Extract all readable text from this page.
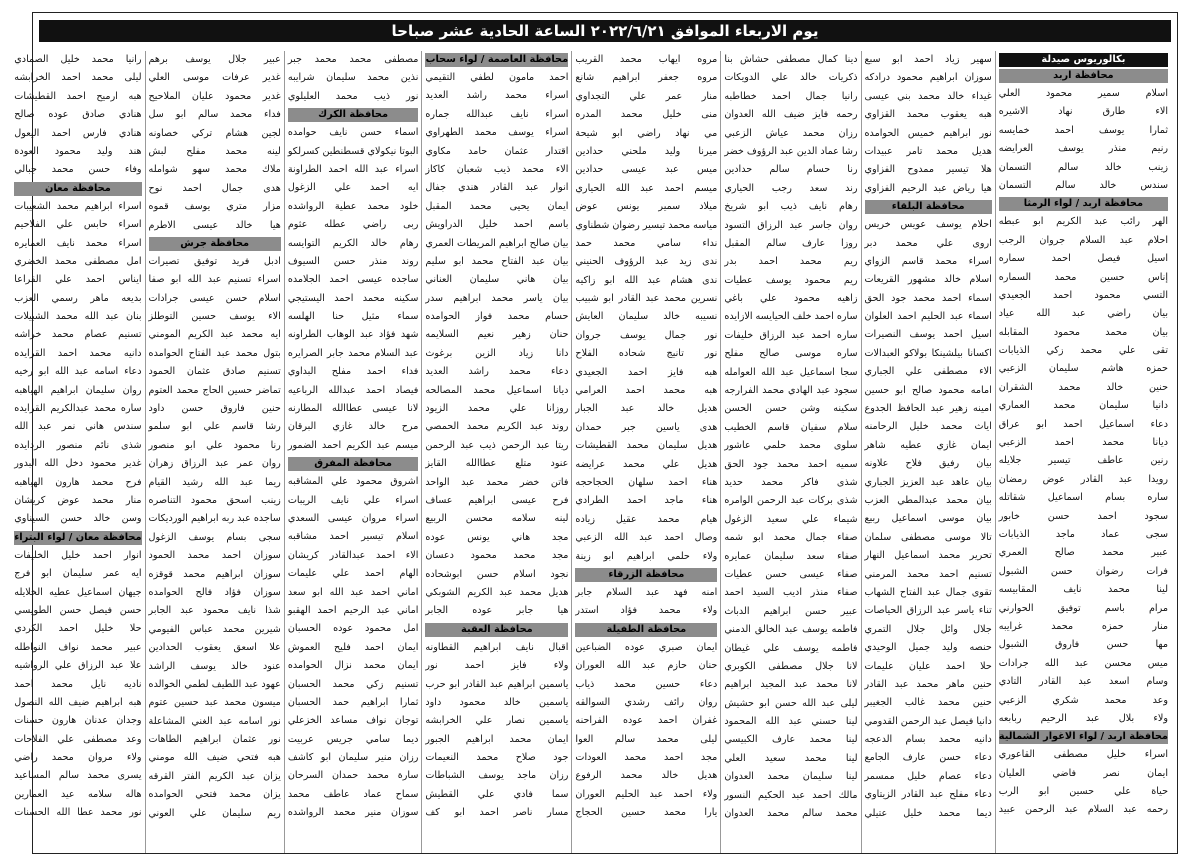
يوم الاربعاء الموافق ٢٠٢٢/٦/٢١ الساعة الحادية عشر صباحا
بكالوريوس صيدلة
محافظة اربد
اسلام سمير محمود العلي
الاء طارق نهاد الاشيره
ثمارا يوسف احمد خمايسه
رنيم منذر يوسف العرايضه
زينب خالد سالم التسمان
سندس خالد سالم التسمان
محافظة اربد / لواء الرمثا
الهر رائب عبد الكريم ابو عبطه
احلام عبد السلام جروان الرجب
اسيل فيصل احمد سماره
إناس حسين محمد السماره
التسي محمود احمد الجعيدي
بيان راضي عبد الله عياد
بيان محمد محمود المقابله
تقى علي محمد زكي الذيابات
حمزه هاشم سليمان الزعبي
حنين خالد محمد الشقران
دانيا سليمان محمد العماري
دعاء اسماعيل احمد ابو عراق
ديانا محمد احمد الزعبي
رنين عاطف تيسير جلايله
رويدا عبد القادر عوض رمضان
ساره بسام اسماعيل شقاتله
سجود احمد حسن خابور
سجى عماد ماجد الذيابات
عبير محمد صالح العمري
فرات رضوان حسن الشبول
لينا محمد نايف المقابيسه
مرام باسم توفيق الحوارني
منار حمزه محمد غرايبه
مها حسن فاروق الشبول
ميس محسن عبد الله جرادات
وسام اسعد عبد القادر التادي
وعد محمد شكري الزعبي
ولاء بلال عبد الرحيم ربابعه
محافظة اربد / لواء الاغوار الشمالية
اسراء خليل مصطفى القاعوري
ايمان نصر فاضي العليان
حياة علي حسين ابو الرب
رحمه عبد السلام عبد الرحمن عبيد
سهير زياد احمد ابو سبع
سوزان ابراهيم محمود درادكه
غيداء خالد محمد بني عيسى
هبه يعقوب محمد القزاوي
نور ابراهيم خميس الحوامده
هديل محمد تامر عبيدات
هلا تيسير ممدوح الفزاوي
هيا رياض عبد الرحيم الفزاوي
محافظة البلقاء
احلام يوسف عويس خريس
اروى علي محمد دبر
اسراء محمد قاسم الزواي
اسلام خالد مشهور القريعات
اسماء احمد محمد جود الحق
اسماء عبد الحليم احمد العلوان
اسيل احمد يوسف النصيرات
اكسانا بيلشينكا بولاكو العبدالات
الاء مصطفى علي الجباري
امامه محمود صالح ابو حسين
امينه زهير عبد الحافظ الجدوع
اياث محمد خليل الرحامنه
ايمان غازي عطيه شاهر
بيان رفيق فلاح علاونه
بيان عاهد عبد العزيز الجباري
بيان محمد عبدالمطي العزب
بيان موسى اسماعيل ربيع
تالا موسى مصطفى سلمان
تحرير محمد اسماعيل النهار
تسنيم احمد محمد المرمني
تقوى جمال عبد الفتاح الشهاب
تناء ياسر عبد الرزاق الحياصات
جلال وائل جلال التمري
حنصه وليد جميل الوحيدي
حلا احمد عليان عليمات
حنين ماهر محمد عبد القادر
حنين محمد غالب الجغيبر
دانيا فيصل عبد الرحمن القدومي
دانيه محمد بسام الدعجه
دعاء حسن عارف الجامع
دعاء عصام خليل ممسمر
دعاء مفلح عبد القادر الزيتاوي
ديما محمد خليل عتيلي
دينا كمال مصطفى حشاش بنا
ذكريات خالد علي الدويكات
رانيا جمال احمد خطاطبه
رحمه فايز ضيف الله العدوان
رزان محمد عياش الزعبي
رشا عماد الدين عبد الرؤوف خضر
رنا حسام سالم حدادين
رند سعد رجب الحياري
رهام نايف ذيب ابو شريخ
روان جاسر عبد الرزاق التسود
روزا عارف سالم المقبل
ريم محمد احمد بدر
ريم محمود يوسف عطيات
زاهيه محمود علي باغي
ساره احمد خلف الحيايسه الازايده
ساره احمد عبد الرزاق خليفات
ساره موسى صالح مفلح
سجا اسماعيل عبد الله العوامله
سجود عبد الهادي محمد الفرارجه
سكينه وشن حسن الحسن
سلام سفيان قاسم الخطيب
سلوى محمد حلمي عاشور
سميه احمد محمد جود الحق
شذى فاكر محمد حديد
شذى بركات عبد الرحمن الوامره
شيماء علي سعيد الزغول
صفاء جمال محمد ابو شمه
صفاء سعد سليمان عمايره
صفاء عيسى حسن عطيات
صفاء منذر اديب السيد احمد
عبير حسن ابراهيم الدباث
فاطمه يوسف عبد الخالق الدمني
فاطمه يوسف علي غيطان
لانا جلال مصطفى الكوبري
لانا محمد عبد المجيد ابراهيم
ليلى عبد الله حسن ابو حشيش
لينا حسني عبد الله المحمود
لينا محمد عارف الكبيسي
لينا محمد سعيد العلي
لينا سليمان محمد العدوان
مالك احمد عبد الحكيم النسور
محمد سالم محمد العدوان
مروه ايهاب محمد القريب
مروه جعفر ابراهيم شانع
منار عمر علي التجداوي
منى خليل محمد المدره
مي نهاد راضي ابو شيحة
ميرنا وليد ملحني حدادين
ميس عبد عيسى حدادين
ميسم احمد عبد الله الحياري
ميلاد سمير يونس عوض
مياسه محمد تيسير رضوان شطناوي
نداء سامي محمد حمد
ندى زيد عبد الرؤوف الحنيني
ندى هشام عبد الله ابو زاكيه
نسرين محمد عبد القادر ابو شبيب
نسيبه خالد سليمان العايش
نور جمال يوسف جروان
نور تانيج شحاده الفلاح
هبه فايز احمد الجعيدي
هبه محمد احمد العرامي
هديل خالد عبد الجبار
هدى ياسين جبر حمدان
هديل سليمان محمد القطيشات
هديل علي محمد عرايضه
هناء احمد سلهان الحجاحجه
هناء ماجد احمد الطرادي
هيام محمد عقيل زياده
وصال احمد عبد الله الزعبي
ولاء حلمي ابراهيم ابو زينة
محافظة الزرقاء
امنه فهد عبد السلام جابر
ولاء محمد فؤاد استدر
محافظة الطفيلة
ايمان صبري عوده الضباعين
حنان حازم عبد الله العوران
دعاء حسين محمد ذياب
روان رائف رشدي السوالقه
غفران احمد عوده الفراحنه
ليلى محمد سالم العوا
مجد احمد محمد العودات
هديل خالد محمد الرفوع
ولاء احمد عبد الحليم العوران
يارا محمد حسين الحجاج
محافظة العاصمة / لواء سحاب
احمد مامون لطفي التقيمي
اسراء محمد راشد العديد
اسراء نايف عبدالله جماره
اسراء يوسف محمد الطهراوي
اقتدار عثمان حامد مكاوي
الاء محمد ذيب شعبان كاكاز
انوار عبد القادر هندي جفال
ايمان يحيى محمد المقبل
باسم احمد خليل الدراويش
بيان صالح ابراهيم المريطات العمري
بيان عبد الفتاح محمد ابو سليم
بيان هاني سليمان العناني
بيان ياسر محمد ابراهيم سدر
حسام محمد فواز الحوامده
حنان زهير نعيم السلايمه
دانا زياد الزين برغوث
دعاء محمد راشد العديد
ديانا اسماعيل محمد المصالحه
روزانا علي محمد الزيود
روند عبد الكريم محمد الحمصي
ريتا عبد الرحمن ذيب عبد الرحمن
عنود متلع عطاالله القايز
فاتن خضر محمد عبد الواحد
فرح عيسى ابراهيم عساف
لينه سلامه محسن الربيع
مجد هاني يونس عوده
مجد محمد محمود دعسان
نجود اسلام حسن ابوشحاده
هديل محمد عبد الكريم الشوبكي
هيا جابر عوده الجابر
محافظة العقبة
اقبال نايف ابراهيم القطاونه
ولاء فايز احمد نور
ياسمين ابراهيم عبد القادر ابو حرب
ياسمين خالد محمود داود
ياسمين نصار علي الخرابشه
ايمان محمد ابراهيم الجبور
جود صلاح محمد النعيمات
رزان ماجد يوسف الشباطات
سما فادي علي القطيش
مسار ناصر احمد ابو كف
مصطفى محمد محمد جبر
نذين محمد سليمان شرايبه
نور ذيب محمد العليلوي
محافظة الكرك
اسماء حسن نايف حوامده
البوتا نيكولاي قسطنطين كسرلكو
اسراء عبد الله احمد الطراونة
ايه احمد علي الزغول
خلود محمد عطية الرواشده
ربى راضي عطله عثوم
رهام خالد الكريم التوايسه
روند منذر حسن السيوف
ساجده عيسى احمد الجلامده
سكينه محمد احمد اليستيجي
سماء مثيل حنا الهلسه
شهد فؤاد عبد الوهاب الطراونه
عبد السلام محمد جابر الصرايره
فداء احمد مفلح البداوي
فيصاد احمد عبدالله الرباعيه
لانا عيسى عطاالله المطارنه
مرح خالد غازي البرقان
ميسم عبد الكريم احمد الضمور
محافظة المفرق
اشروق محمود علي المشاقبه
اسراء علي نايف الريبات
اسراء مروان عيسى السعدي
اسلام تيسير احمد مشاقبه
الاء احمد عبدالقادر كريشان
الهام احمد علي عليمات
اماني احمد عبد الله ابو سعد
اماني عبد الرحيم احمد الهقبو
امل محمود عوده الحسبان
ايمان احمد فليح العموش
ايمان محمد نزال الحوامده
تسنيم زكي محمد الحسبان
ثمارا ابراهيم حمد الحسبان
توجان نواف مساعد الخزعلي
ديما سامي جريس عربيت
رزان منير سليمان ابو كاشف
سارة محمد حمدان السرحان
سماح عماد عاطف محمد
سوزان منير محمد الرواشده
عبير جلال يوسف برهم
غدير عرفات موسى العلي
غدير محمود عليان الملاحيح
فداء محمد سالم ابو سل
لجين هشام تركي خصاونه
لينه محمد مفلح لبش
ملاك محمد سهو شوامله
هدى جمال احمد نوح
مزار متري يوسف قموه
هيا خالد عيسى الاطرم
محافظة جرش
ادبل فريد توفيق تصيرات
اسراء تسنيم عبد الله ابو صفا
اسلام حسن عيسى جرادات
الاء يوسف حسين التوطلز
ايه محمد عبد الكريم المومني
بتول محمد عبد الفتاح الحوامده
تسنيم صادق عثمان الحمود
تماضر حسين الحاج محمد العتوم
حنين فاروق حسن داود
رشا قاسم علي ابو سلمو
رنا محمود علي ابو منصور
روان عمر عبد الرزاق زهران
ريما عبد الله رشيد القيام
زينب اسحق محمود التناصره
ساجده عبد ربه ابراهيم الورديكات
سجى بسام يوسف الزغول
سوزان احمد محمد الحمود
سوزان ابراهيم محمد قوقزه
سوزان فؤاد فالح الحوامده
شذا نايف محمود عبد الجابر
شيرين محمد عباس الفيومي
علا اسعق يعقوب الحدادين
عنود خالد يوسف الراشد
عهود عبد اللطيف لطمي الخوالده
ميسون محمد عبد حسين عتوم
نور اسامه عبد الغني المشاعلة
نور عثمان ابراهيم الطاهات
هبه فتحي ضيف الله مومني
يزان عبد الكريم الفتر القرقه
يزان محمد فتحي الحوامده
ريم سليمان علي العوني
رانيا محمد خليل الصمادي
ليلى محمد احمد الخرابشه
هبه ارميح احمد القطيشات
هنادي صادق عوده صالح
هنادي فارس احمد اليعول
هند وليد محمود العودة
وفاء حسن محمد جبالي
محافظة معان
اسراء ابراهيم محمد الشعيبات
اسراء حابس علي الفلاحيم
اسراء محمد نايف العمايره
امل مصطفى محمد الخضري
ايناس احمد علي القراعا
بديعه ماهر رسمي العزب
بنان عبد الله محمد الشبيلات
تسنيم عصام محمد خراشه
دانيه محمد احمد القرايده
دعاء اسامه عبد الله ابو رخيه
روان سليمان ابراهيم الهباهبه
ساره محمد عبدالكريم القرايده
سندس هاني نمر عبد الله
شذى نائم منصور الردايده
غدير محمود دخل الله البدور
فرح محمد هارون الهباهبه
منار محمد عوض كريشان
وسن خالد حسن السيناوي
محافظة معان / لواء البتراء
انوار احمد خليل الخليفات
ايه عمر سليمان ابو فرج
جيهان اسماعيل عطيه الخلايله
حسن فيصل حسن الطويسي
حلا خليل احمد الكردي
عبير محمد نواف النواطله
علا عبد الرزاق علي الرواشيه
ناديه نايل محمد احمد
هبه ابراهيم ضيف الله النصول
وجدان عدنان هارون حسنات
وعد مصطفى علي الفلاحات
ولاء مروان محمد راضي
يسرى محمد سالم المساعيد
هاله سلامه عيد العمارين
نور محمد عطا الله الحسنات
